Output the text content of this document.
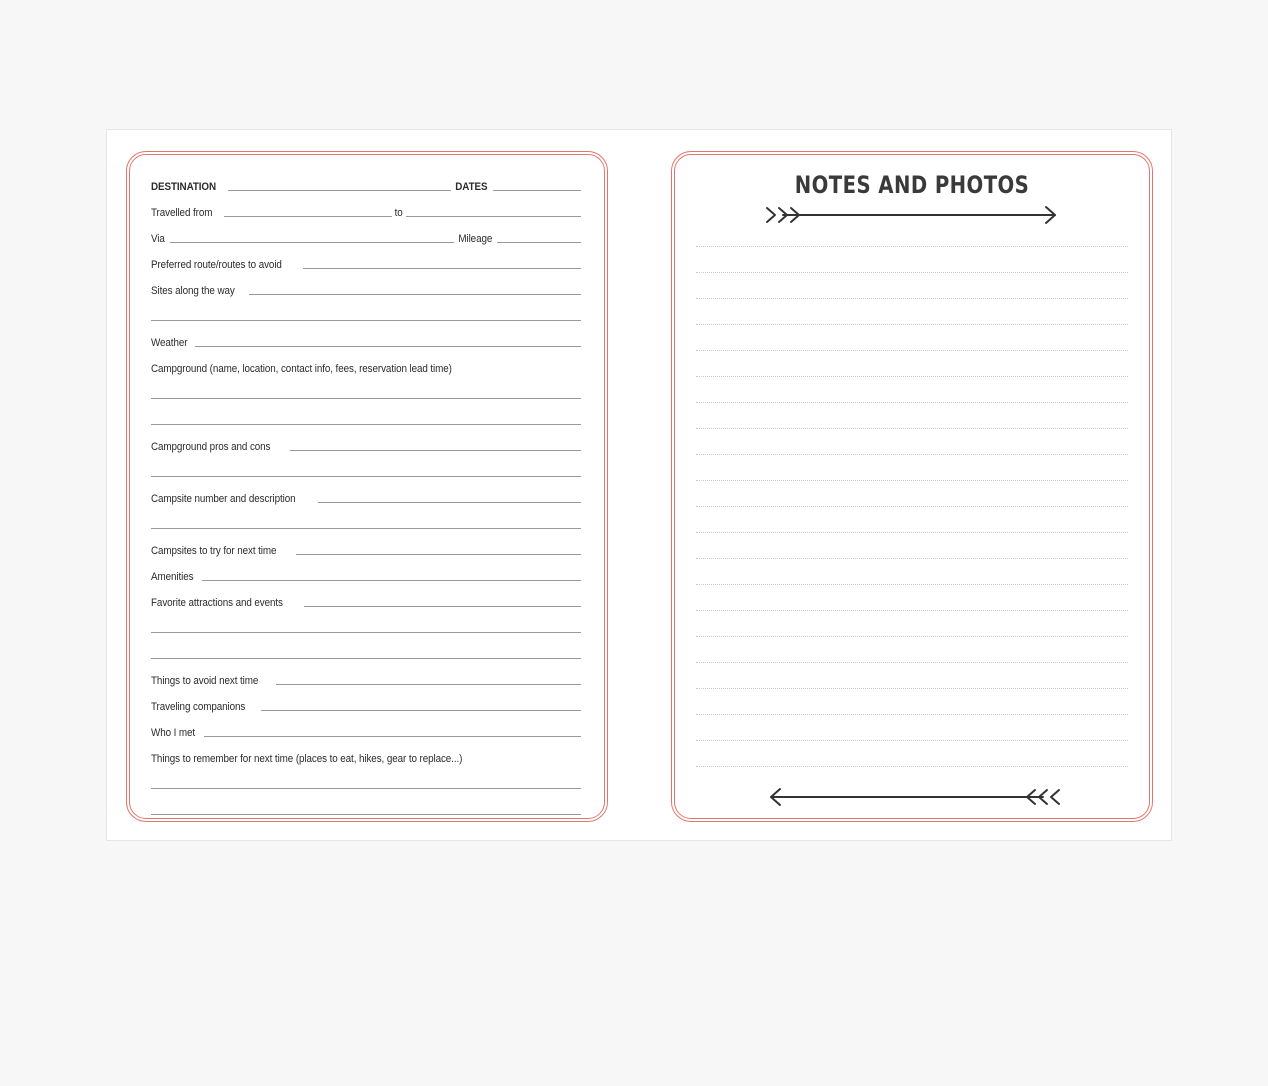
DESTINATION	DATES
Travelled from	to
Via	Mileage
Preferred route/routes to avoid
Sites along the way
Weather
Campground (name, location, contact info, fees, reservation lead time)
Campground pros and cons
Campsite number and description
Campsites to try for next time
Amenities
Favorite attractions and events
Things to avoid next time
Traveling companions
Who I met
Things to remember for next time (places to eat, hikes, gear to replace...)
NOTES AND PHOTOS
